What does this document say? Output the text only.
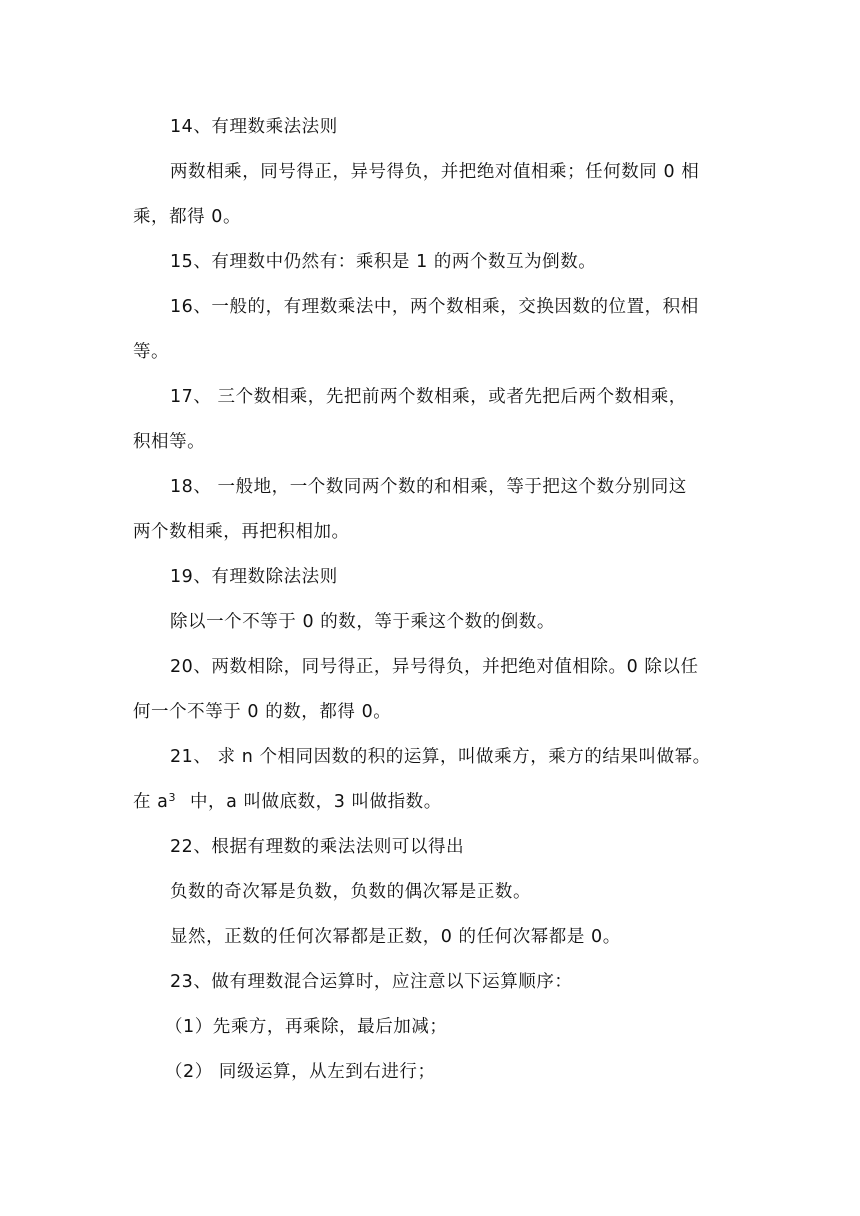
14、有理数乘法法则

两数相乘，同号得正，异号得负，并把绝对值相乘；任何数同 0 相
乘，都得 0。

15、有理数中仍然有：乘积是 1 的两个数互为倒数。

16、一般的，有理数乘法中，两个数相乘，交换因数的位置，积相
等。

17、 三个数相乘，先把前两个数相乘，或者先把后两个数相乘，
积相等。

18、 一般地，一个数同两个数的和相乘，等于把这个数分别同这
两个数相乘，再把积相加。

19、有理数除法法则

除以一个不等于 0 的数，等于乘这个数的倒数。

20、两数相除，同号得正，异号得负，并把绝对值相除。0 除以任
何一个不等于 0 的数，都得 0。

21、 求 n 个相同因数的积的运算，叫做乘方，乘方的结果叫做幂。
在 $a^3$ 中，a 叫做底数，3 叫做指数。

22、根据有理数的乘法法则可以得出

负数的奇次幂是负数，负数的偶次幂是正数。

显然，正数的任何次幂都是正数，0 的任何次幂都是 0。

23、做有理数混合运算时，应注意以下运算顺序：

（1）先乘方，再乘除，最后加减；

（2） 同级运算，从左到右进行；
